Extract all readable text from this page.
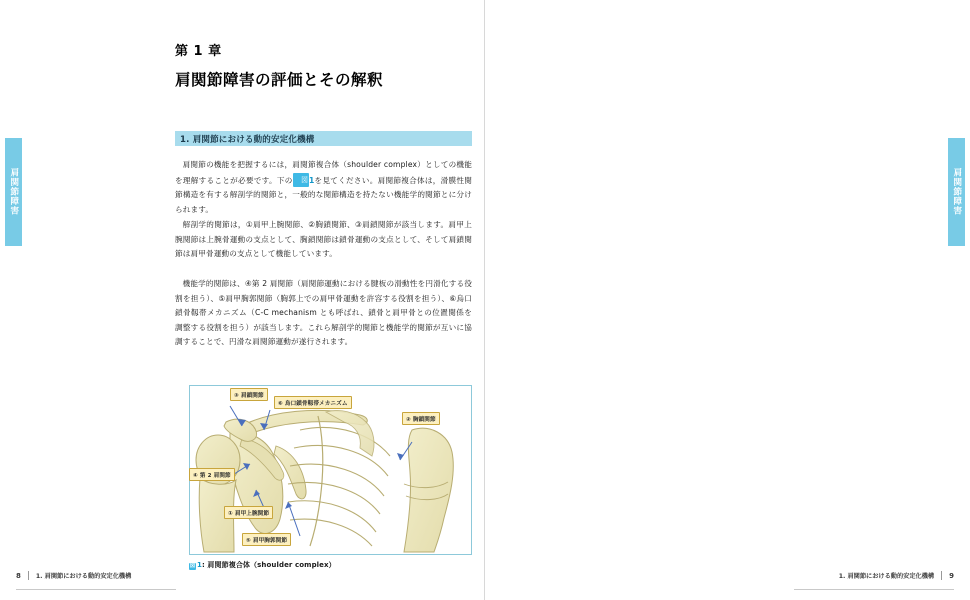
肩関節障害
第 1 章
肩関節障害の評価とその解釈
1. 肩関節における動的安定化機構
肩関節の機能を把握するには，肩関節複合体（shoulder complex）としての機能を理解することが必要です。下の 図1を見てください。肩関節複合体は，滑膜性関節構造を有する解剖学的関節と，一般的な関節構造を持たない機能学的関節とに分けられます。
解剖学的関節は，①肩甲上腕関節、②胸鎖関節、③肩鎖関節が該当します。肩甲上腕関節は上腕骨運動の支点として、胸鎖関節は鎖骨運動の支点として、そして肩鎖関節は肩甲骨運動の支点として機能しています。
機能学的関節は、④第 2 肩関節（肩関節運動における腱板の滑動性を円滑化する役割を担う）、⑤肩甲胸郭関節（胸郭上での肩甲骨運動を許容する役割を担う）、⑥烏口鎖骨靱帯メカニズム（C-C mechanism とも呼ばれ、鎖骨と肩甲骨との位置関係を調整する役割を担う）が該当します。これら解剖学的関節と機能学的関節が互いに協調することで、円滑な肩関節運動が遂行されます。
③ 肩鎖関節
⑥ 烏口鎖骨靱帯メカニズム
② 胸鎖関節
④ 第 2 肩関節
① 肩甲上腕関節
⑤ 肩甲胸郭関節
図 1: 肩関節複合体（shoulder complex）
8 1. 肩関節における動的安定化機構
肩関節障害

1. 肩関節における動的安定化機構 9
